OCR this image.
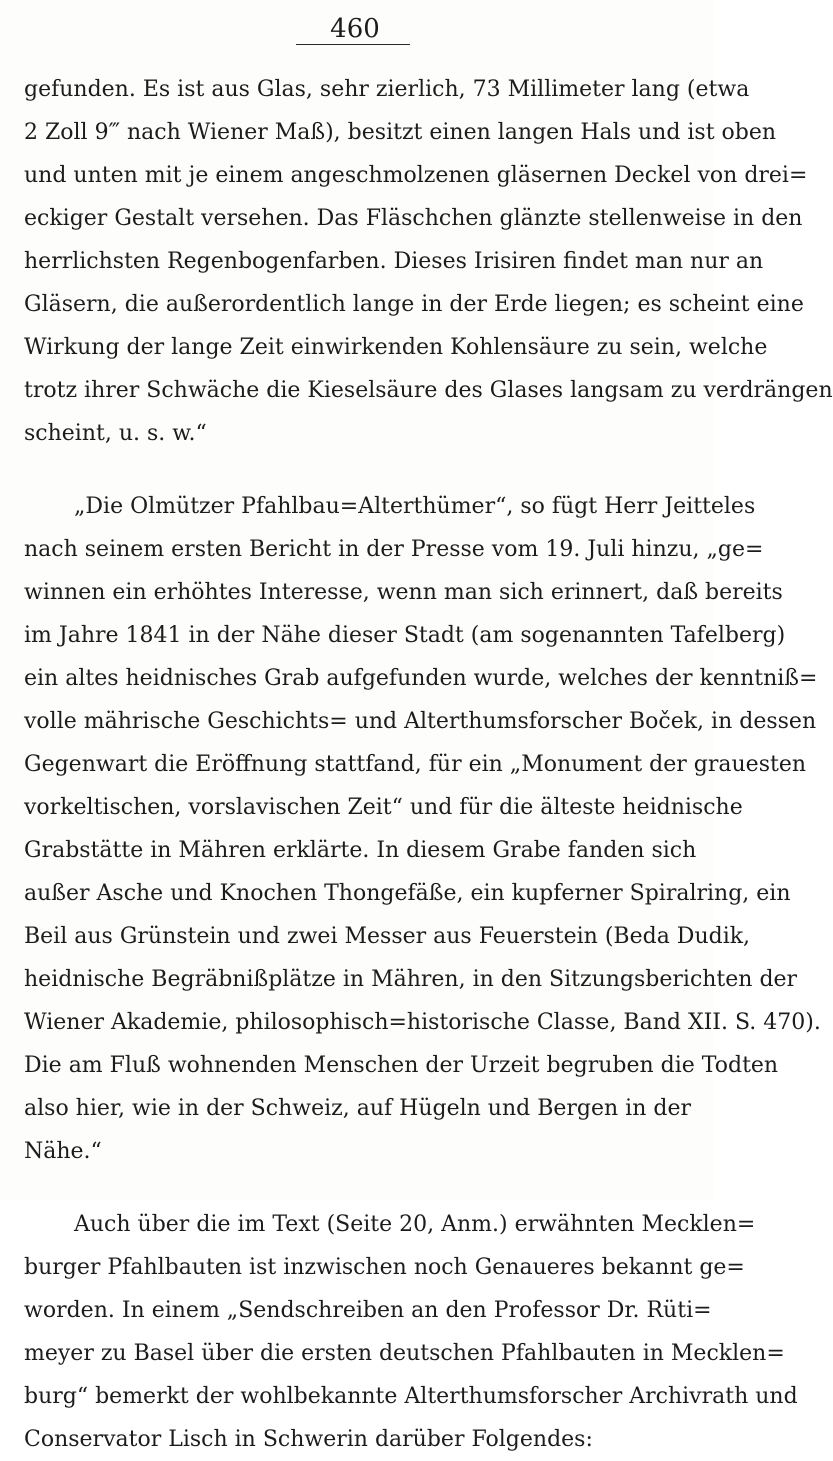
460
gefunden. Es ist aus Glas, sehr zierlich, 73 Millimeter lang (etwa
2 Zoll 9‴ nach Wiener Maß), besitzt einen langen Hals und ist oben
und unten mit je einem angeschmolzenen gläsernen Deckel von drei=
eckiger Gestalt versehen. Das Fläschchen glänzte stellenweise in den
herrlichsten Regenbogenfarben. Dieses Irisiren findet man nur an
Gläsern, die außerordentlich lange in der Erde liegen; es scheint eine
Wirkung der lange Zeit einwirkenden Kohlensäure zu sein, welche
trotz ihrer Schwäche die Kieselsäure des Glases langsam zu verdrängen
scheint, u. s. w.“
„Die Olmützer Pfahlbau=Alterthümer“, so fügt Herr Jeitteles
nach seinem ersten Bericht in der Presse vom 19. Juli hinzu, „ge=
winnen ein erhöhtes Interesse, wenn man sich erinnert, daß bereits
im Jahre 1841 in der Nähe dieser Stadt (am sogenannten Tafelberg)
ein altes heidnisches Grab aufgefunden wurde, welches der kenntniß=
volle mährische Geschichts= und Alterthumsforscher Boček, in dessen
Gegenwart die Eröffnung stattfand, für ein „Monument der grauesten
vorkeltischen, vorslavischen Zeit“ und für die älteste heidnische
Grabstätte in Mähren erklärte. In diesem Grabe fanden sich
außer Asche und Knochen Thongefäße, ein kupferner Spiralring, ein
Beil aus Grünstein und zwei Messer aus Feuerstein (Beda Dudik,
heidnische Begräbnißplätze in Mähren, in den Sitzungsberichten der
Wiener Akademie, philosophisch=historische Classe, Band XII. S. 470).
Die am Fluß wohnenden Menschen der Urzeit begruben die Todten
also hier, wie in der Schweiz, auf Hügeln und Bergen in der
Nähe.“
Auch über die im Text (Seite 20, Anm.) erwähnten Mecklen=
burger Pfahlbauten ist inzwischen noch Genaueres bekannt ge=
worden. In einem „Sendschreiben an den Professor Dr. Rüti=
meyer zu Basel über die ersten deutschen Pfahlbauten in Mecklen=
burg“ bemerkt der wohlbekannte Alterthumsforscher Archivrath und
Conservator Lisch in Schwerin darüber Folgendes:
